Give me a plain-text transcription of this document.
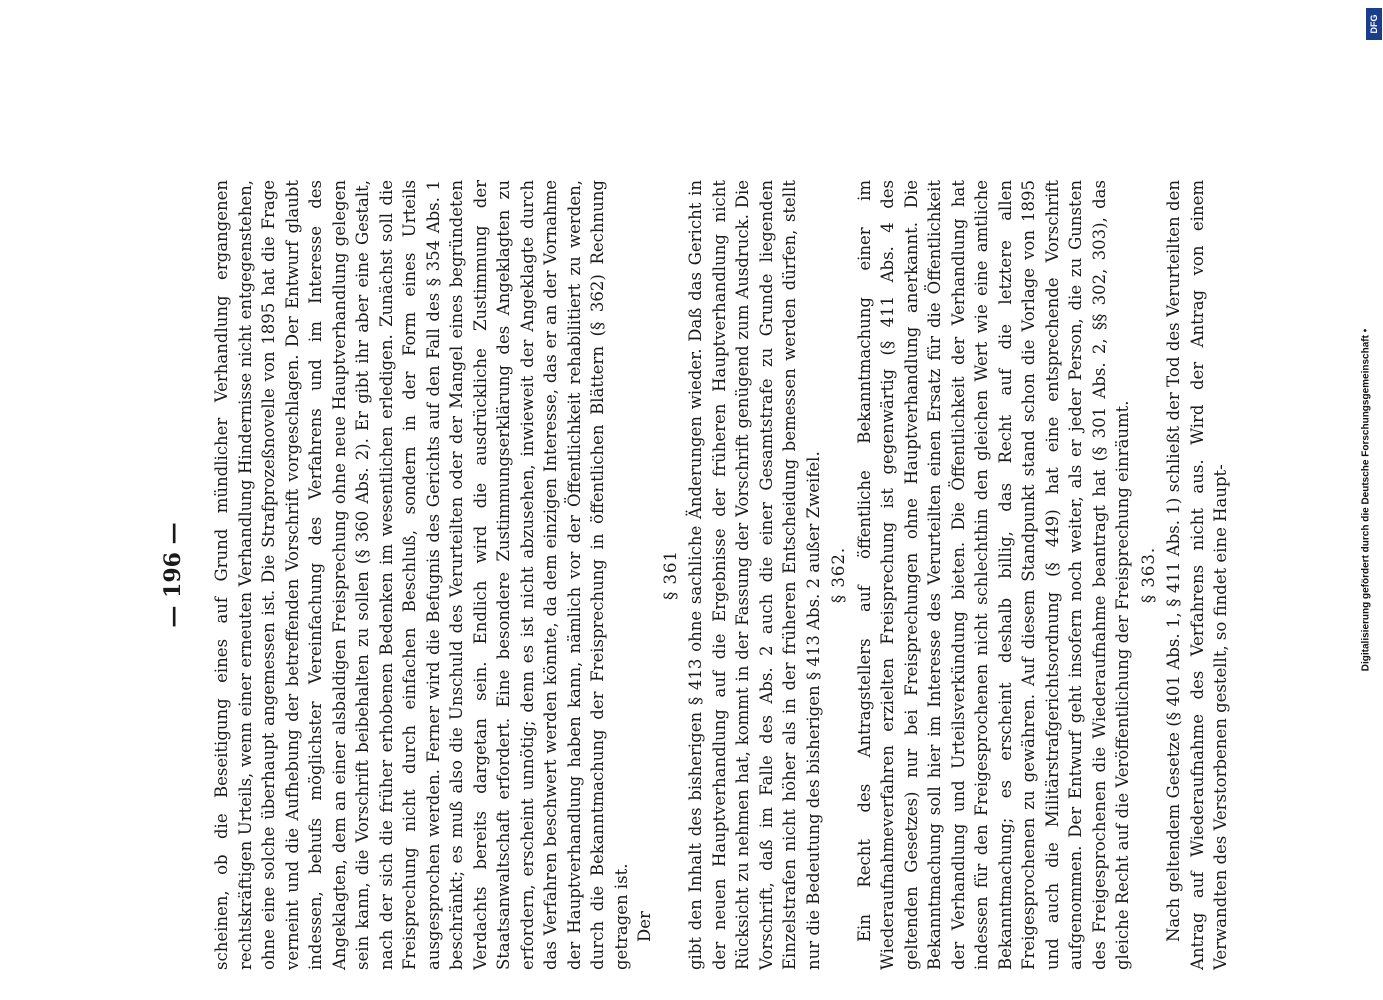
— 196 — scheinen, ob die Beseitigung eines auf Grund mündlicher Verhandlung ergangenen rechtskräftigen Urteils, wenn einer erneuten Verhandlung Hindernisse nicht entgegenstehen, ohne eine solche überhaupt angemessen ist. Die Strafprozeßnovelle von 1895 hat die Frage verneint und die Aufhebung der betreffenden Vorschrift vorgeschlagen. Der Entwurf glaubt indessen, behufs möglichster Vereinfachung des Verfahrens und im Interesse des Angeklagten, dem an einer alsbaldigen Freisprechung ohne neue Hauptverhandlung gelegen sein kann, die Vorschrift beibehalten zu sollen (§ 360 Abs. 2). Er gibt ihr aber eine Gestalt, nach der sich die früher erhobenen Bedenken im wesentlichen erledigen. Zunächst soll die Freisprechung nicht durch einfachen Beschluß, sondern in der Form eines Urteils ausgesprochen werden. Ferner wird die Befugnis des Gerichts auf den Fall des § 354 Abs. 1 beschränkt; es muß also die Unschuld des Verurteilten oder der Mangel eines begründeten Verdachts bereits dargetan sein. Endlich wird die ausdrückliche Zustimmung der Staatsanwaltschaft erfordert. Eine besondere Zustimmungserklärung des Angeklagten zu erfordern, erscheint unnötig; denn es ist nicht abzusehen, inwieweit der Angeklagte durch das Verfahren beschwert werden könnte, da dem einzigen Interesse, das er an der Vornahme der Hauptverhandlung haben kann, nämlich vor der Öffentlichkeit rehabilitiert zu werden, durch die Bekanntmachung der Freisprechung in öffentlichen Blättern (§ 362) Rechnung getragen ist. Der

§ 361 gibt den Inhalt des bisherigen § 413 ohne sachliche Änderungen wieder. Daß das Gericht in der neuen Hauptverhandlung auf die Ergebnisse der früheren Hauptverhandlung nicht Rücksicht zu nehmen hat, kommt in der Fassung der Vorschrift genügend zum Ausdruck. Die Vorschrift, daß im Falle des Abs. 2 auch die einer Gesamtstrafe zu Grunde liegenden Einzelstrafen nicht höher als in der früheren Entscheidung bemessen werden dürfen, stellt nur die Bedeutung des bisherigen § 413 Abs. 2 außer Zweifel. § 362. Ein Recht des Antragstellers auf öffentliche Bekanntmachung einer im Wiederaufnahmeverfahren erzielten Freisprechung ist gegenwärtig (§ 411 Abs. 4 des geltenden Gesetzes) nur bei Freisprechungen ohne Hauptverhandlung anerkannt. Die Bekanntmachung soll hier im Interesse des Verurteilten einen Ersatz für die Öffentlichkeit der Verhandlung und Urteilsverkündung bieten. Die Öffentlichkeit der Verhandlung hat indessen für den Freigesprochenen nicht schlechthin den gleichen Wert wie eine amtliche Bekanntmachung; es erscheint deshalb billig, das Recht auf die letztere allen Freigesprochenen zu gewähren. Auf diesem Standpunkt stand schon die Vorlage von 1895 und auch die Militärstrafgerichtsordnung (§ 449) hat eine entsprechende Vorschrift aufgenommen. Der Entwurf geht insofern noch weiter, als er jeder Person, die zu Gunsten des Freigesprochenen die Wiederaufnahme beantragt hat (§ 301 Abs. 2, §§ 302, 303), das gleiche Recht auf die Veröffentlichung der Freisprechung einräumt. § 363. Nach geltendem Gesetze (§ 401 Abs. 1, § 411 Abs. 1) schließt der Tod des Verurteilten den Antrag auf Wiederaufnahme des Verfahrens nicht aus. Wird der Antrag von einem Verwandten des Verstorbenen gestellt, so findet eine Haupt-	Digitalisierung gefördert durch die Deutsche Forschungsgemeinschaft •
DFG
